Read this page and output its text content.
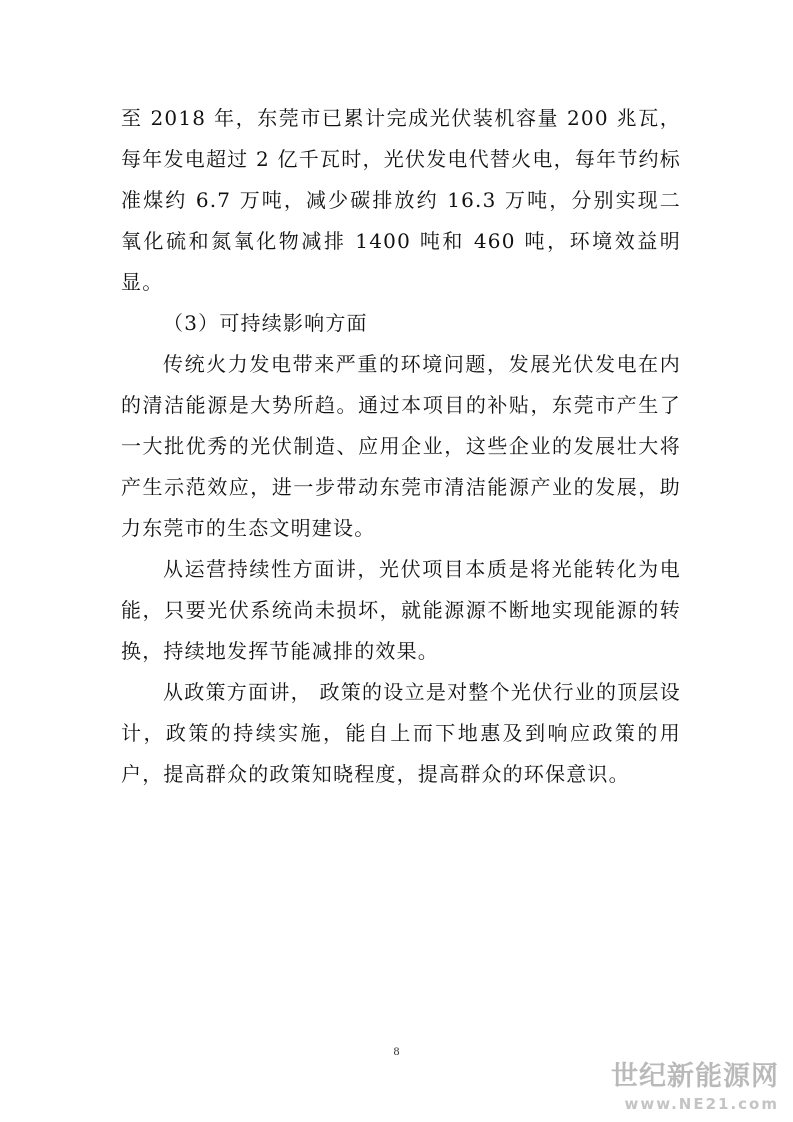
至 2018 年，东莞市已累计完成光伏装机容量 200 兆瓦，每年发电超过 2 亿千瓦时，光伏发电代替火电，每年节约标准煤约 6.7 万吨，减少碳排放约 16.3 万吨，分别实现二氧化硫和氮氧化物减排 1400 吨和 460 吨，环境效益明显。

（3）可持续影响方面

传统火力发电带来严重的环境问题，发展光伏发电在内的清洁能源是大势所趋。通过本项目的补贴，东莞市产生了一大批优秀的光伏制造、应用企业，这些企业的发展壮大将产生示范效应，进一步带动东莞市清洁能源产业的发展，助力东莞市的生态文明建设。

从运营持续性方面讲，光伏项目本质是将光能转化为电能，只要光伏系统尚未损坏，就能源源不断地实现能源的转换，持续地发挥节能减排的效果。

从政策方面讲， 政策的设立是对整个光伏行业的顶层设计，政策的持续实施，能自上而下地惠及到响应政策的用户，提高群众的政策知晓程度，提高群众的环保意识。

8
世纪新能源网
www.NE21.com
